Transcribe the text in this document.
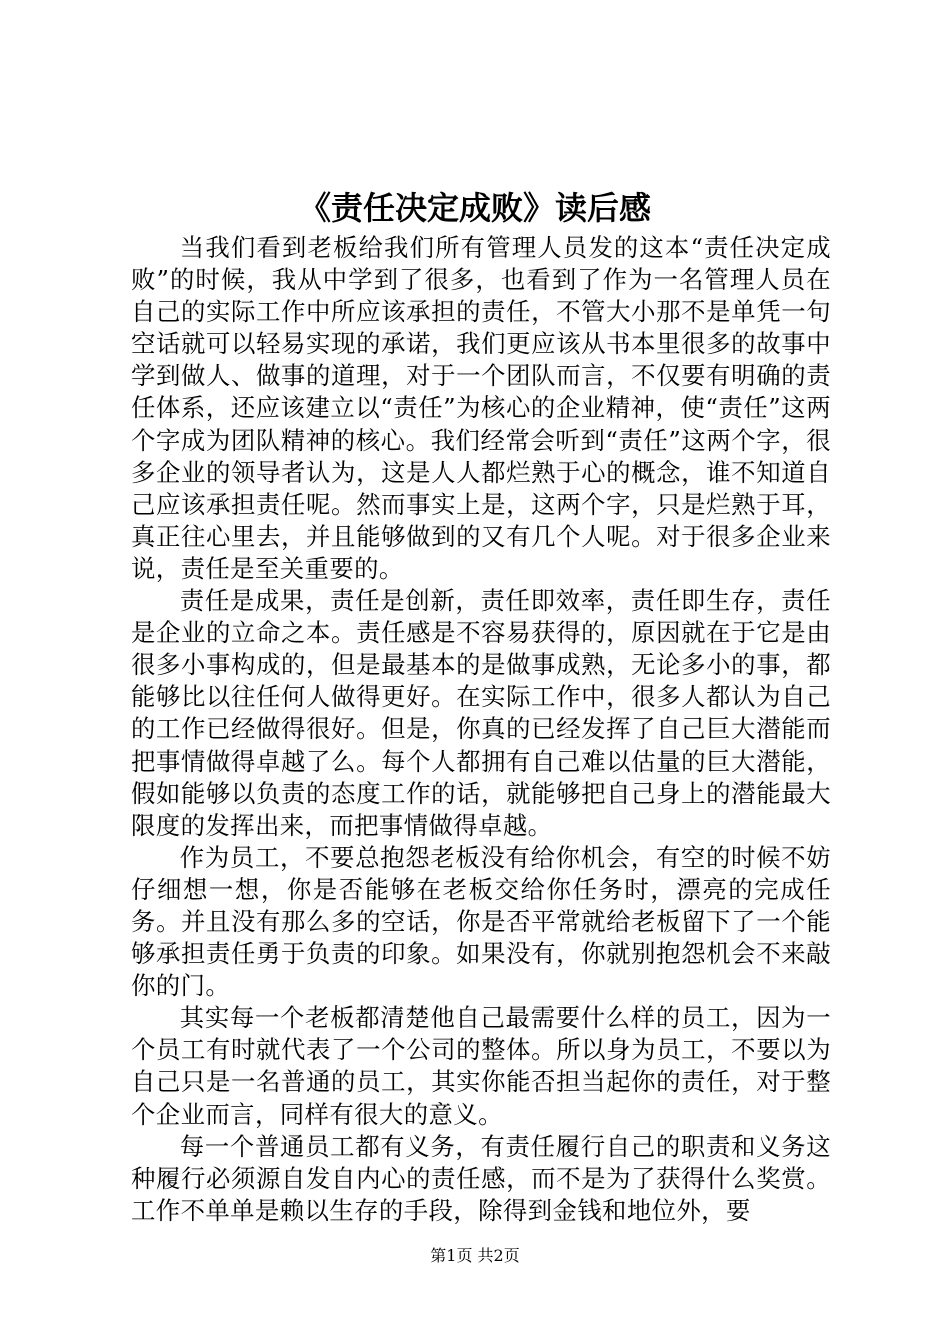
《责任决定成败》读后感

当我们看到老板给我们所有管理人员发的这本“责任决定成败”的时候，我从中学到了很多，也看到了作为一名管理人员在自己的实际工作中所应该承担的责任，不管大小那不是单凭一句空话就可以轻易实现的承诺，我们更应该从书本里很多的故事中学到做人、做事的道理，对于一个团队而言，不仅要有明确的责任体系，还应该建立以“责任”为核心的企业精神，使“责任”这两个字成为团队精神的核心。我们经常会听到“责任”这两个字，很多企业的领导者认为，这是人人都烂熟于心的概念，谁不知道自己应该承担责任呢。然而事实上是，这两个字，只是烂熟于耳，真正往心里去，并且能够做到的又有几个人呢。对于很多企业来说，责任是至关重要的。

责任是成果，责任是创新，责任即效率，责任即生存，责任是企业的立命之本。责任感是不容易获得的，原因就在于它是由很多小事构成的，但是最基本的是做事成熟，无论多小的事，都能够比以往任何人做得更好。在实际工作中，很多人都认为自己的工作已经做得很好。但是，你真的已经发挥了自己巨大潜能而把事情做得卓越了么。每个人都拥有自己难以估量的巨大潜能，假如能够以负责的态度工作的话，就能够把自己身上的潜能最大限度的发挥出来，而把事情做得卓越。

作为员工，不要总抱怨老板没有给你机会，有空的时候不妨仔细想一想，你是否能够在老板交给你任务时，漂亮的完成任务。并且没有那么多的空话，你是否平常就给老板留下了一个能够承担责任勇于负责的印象。如果没有，你就别抱怨机会不来敲你的门。

其实每一个老板都清楚他自己最需要什么样的员工，因为一个员工有时就代表了一个公司的整体。所以身为员工，不要以为自己只是一名普通的员工，其实你能否担当起你的责任，对于整个企业而言，同样有很大的意义。

每一个普通员工都有义务，有责任履行自己的职责和义务这种履行必须源自发自内心的责任感，而不是为了获得什么奖赏。工作不单单是赖以生存的手段，除得到金钱和地位外，要

第1页 共2页
